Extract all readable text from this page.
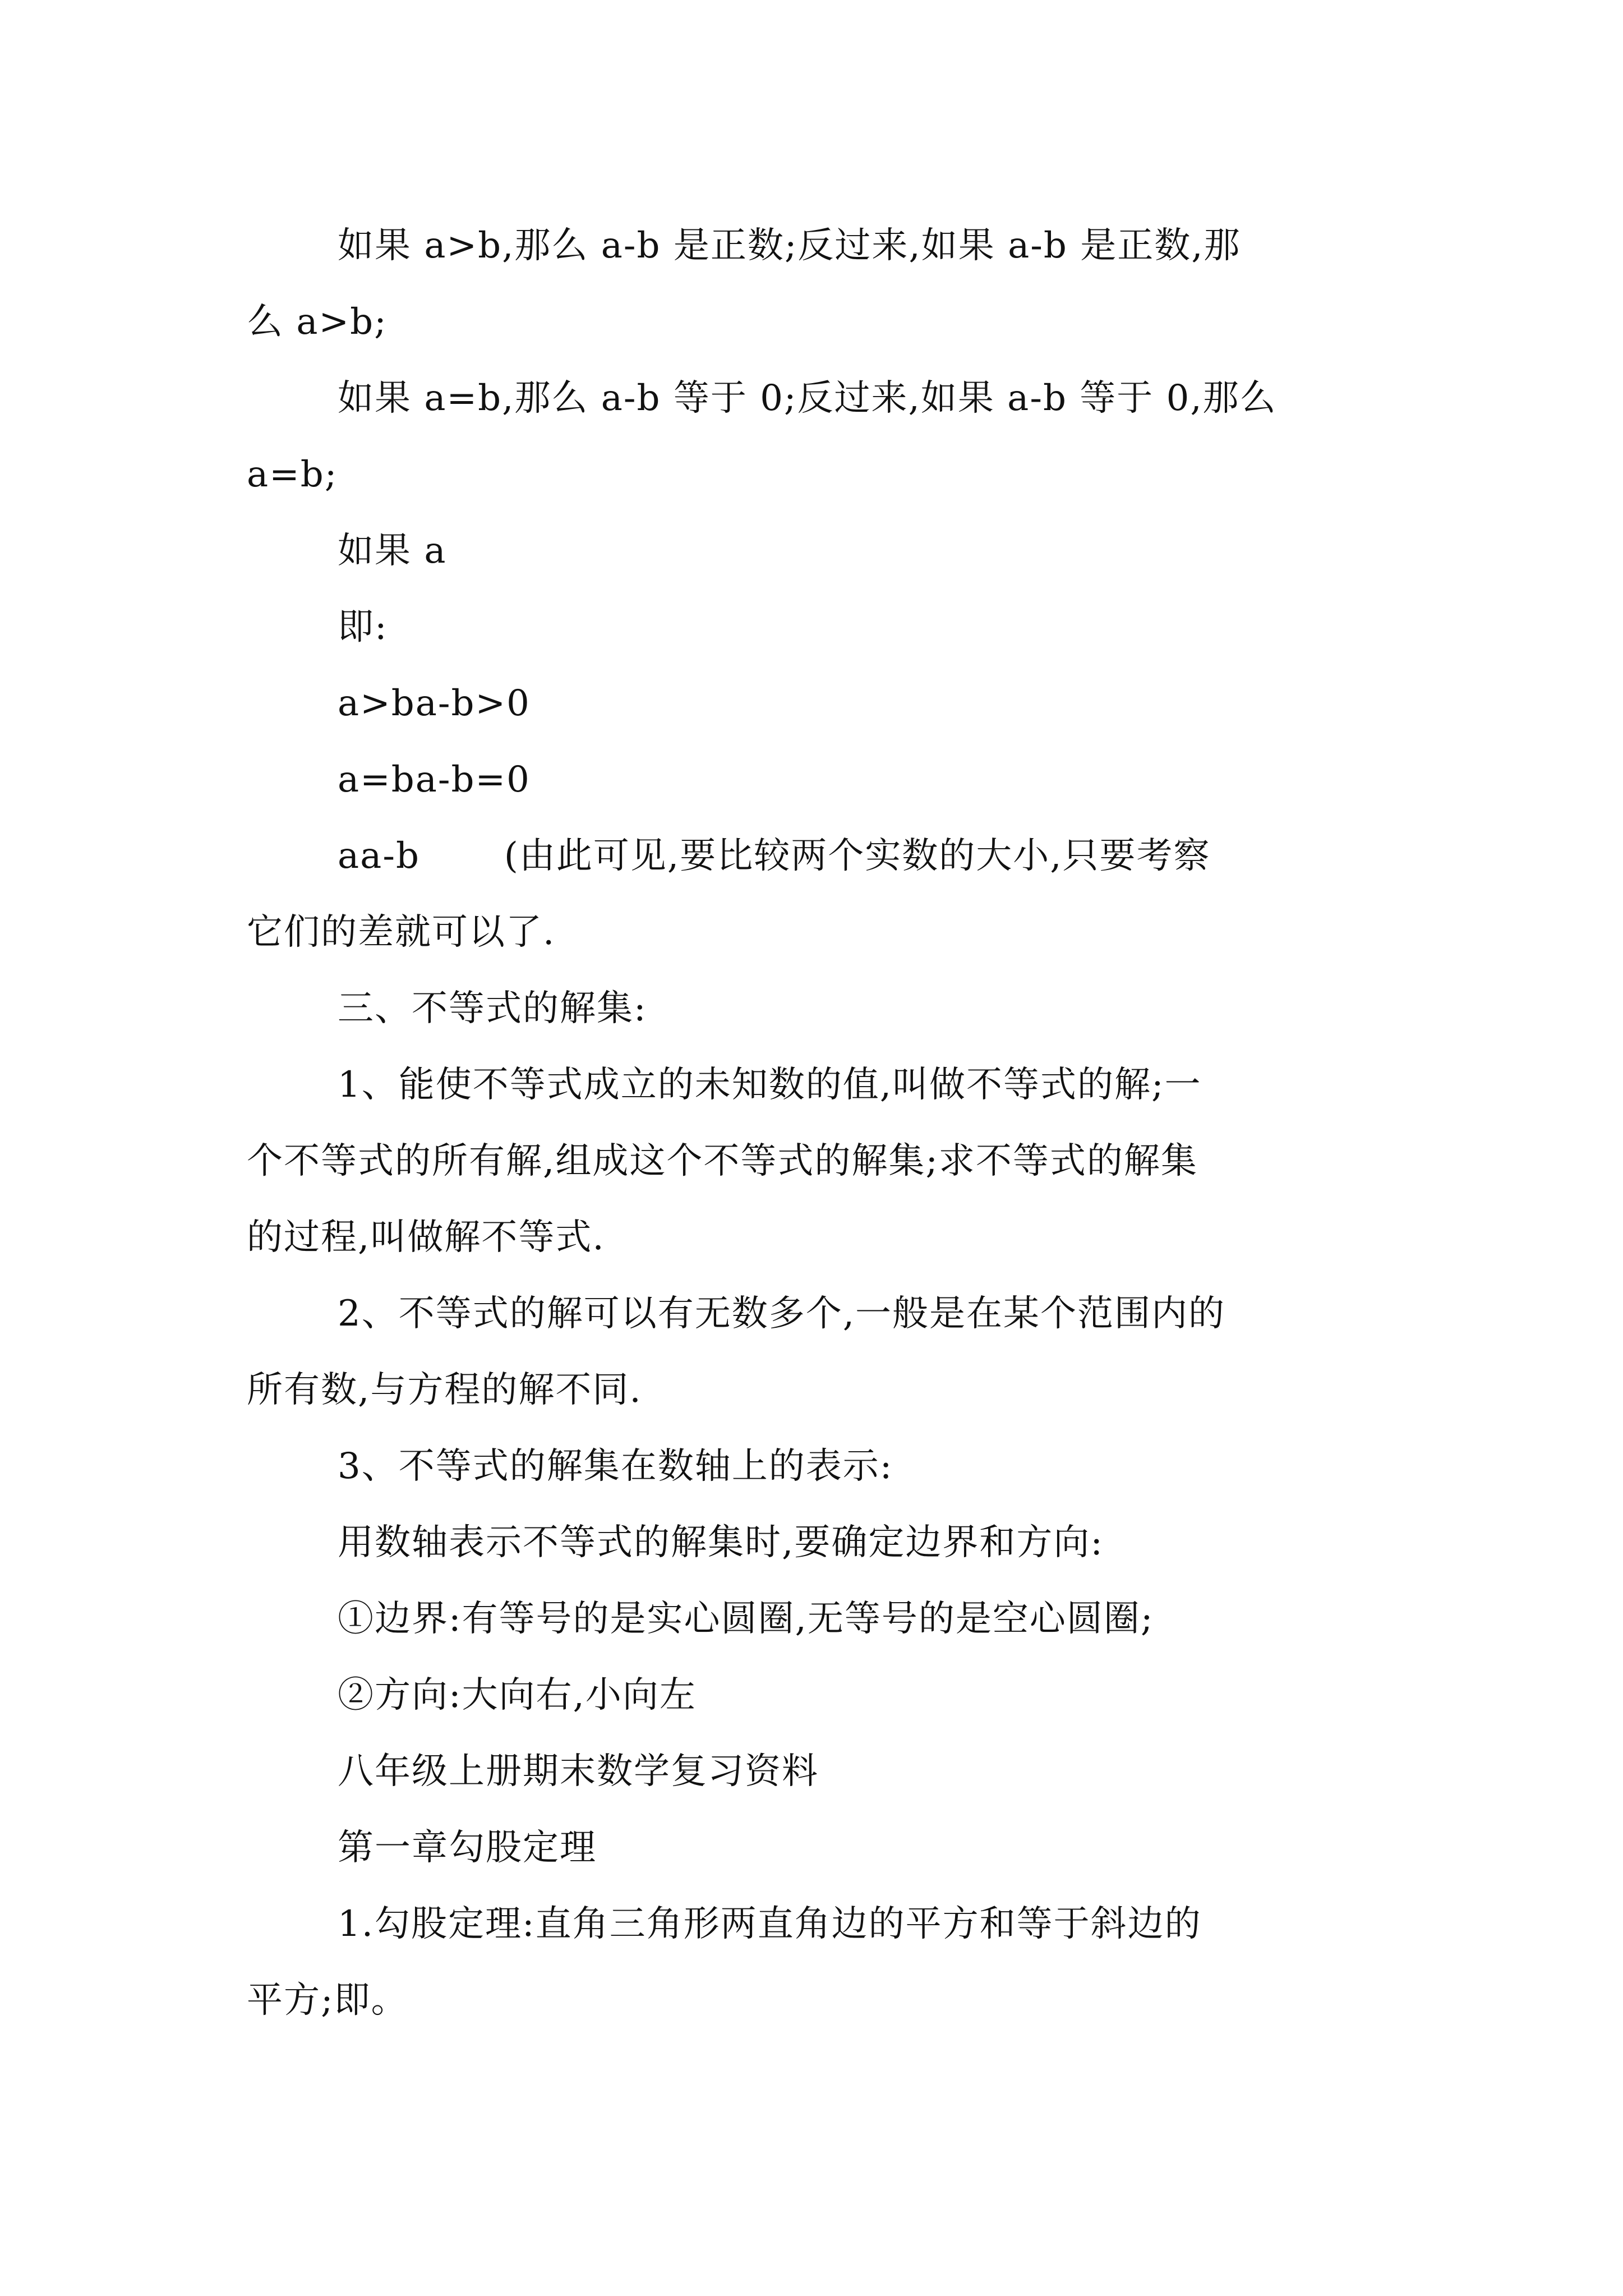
如果 a>b,那么 a-b 是正数;反过来,如果 a-b 是正数,那
么 a>b;
如果 a=b,那么 a-b 等于 0;反过来,如果 a-b 等于 0,那么
a=b;
如果 a
即:
a>ba-b>0
a=ba-b=0
aa-b (由此可见,要比较两个实数的大小,只要考察
它们的差就可以了.
三、不等式的解集:
1、能使不等式成立的未知数的值,叫做不等式的解;一
个不等式的所有解,组成这个不等式的解集;求不等式的解集
的过程,叫做解不等式.
2、不等式的解可以有无数多个,一般是在某个范围内的
所有数,与方程的解不同.
3、不等式的解集在数轴上的表示:
用数轴表示不等式的解集时,要确定边界和方向:
①边界:有等号的是实心圆圈,无等号的是空心圆圈;
②方向:大向右,小向左
八年级上册期末数学复习资料
第一章勾股定理
1.勾股定理:直角三角形两直角边的平方和等于斜边的
平方;即。
